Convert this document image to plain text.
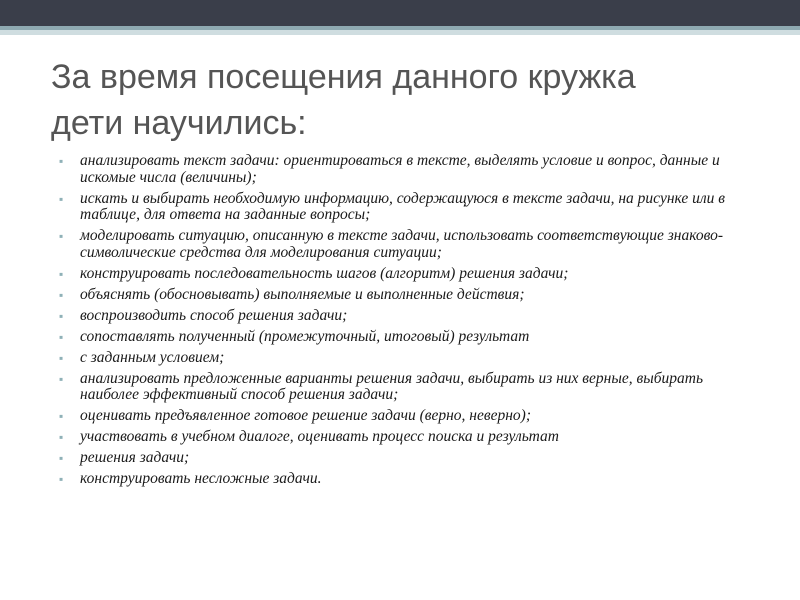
За время посещения данного кружка
дети научились:
▪
анализировать текст задачи: ориентироваться в тексте, выделять условие и вопрос, данные и искомые числа (величины);
▪
искать и выбирать необходимую информацию, содержащуюся в тексте задачи, на рисунке или в таблице, для ответа на заданные вопросы;
▪
моделировать ситуацию, описанную в тексте задачи, использовать соответствующие знаково-символические средства для моделирования ситуации;
▪
конструировать последовательность шагов (алгоритм) решения задачи;
▪
объяснять (обосновывать) выполняемые и выполненные действия;
▪
воспроизводить способ решения задачи;
▪
сопоставлять полученный (промежуточный, итоговый) результат
▪
с заданным условием;
▪
анализировать предложенные варианты решения задачи, выбирать из них верные, выбирать наиболее эффективный способ решения задачи;
▪
оценивать предъявленное готовое решение задачи (верно, неверно);
▪
участвовать в учебном диалоге, оценивать процесс поиска и результат
▪
решения задачи;
▪
конструировать несложные задачи.
